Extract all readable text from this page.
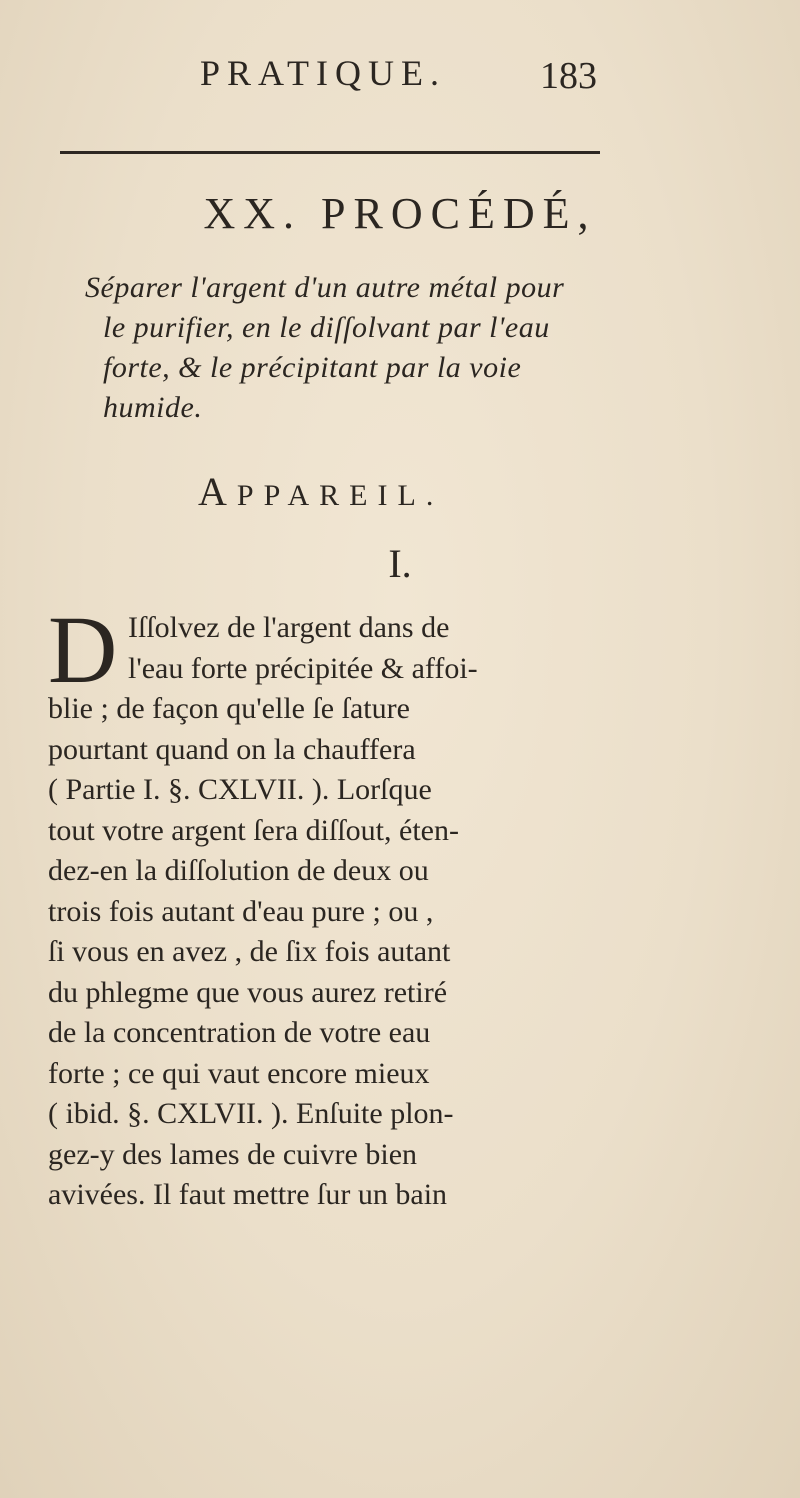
PRATIQUE. 183
XX. PROCÉDÉ,
Séparer l'argent d'un autre métal pour
le purifier, en le diſſolvant par l'eau
forte, & le précipitant par la voie
humide.
APPAREIL.
I.
D Iſſolvez de l'argent dans de
l'eau forte précipitée & affoi-
blie ; de façon qu'elle ſe ſature
pourtant quand on la chauffera
( Partie I. §. CXLVII. ). Lorſque
tout votre argent ſera diſſout, éten-
dez-en la diſſolution de deux ou
trois fois autant d'eau pure ; ou ,
ſi vous en avez , de ſix fois autant
du phlegme que vous aurez retiré
de la concentration de votre eau
forte ; ce qui vaut encore mieux
( ibid. §. CXLVII. ). Enſuite plon-
gez-y des lames de cuivre bien
avivées. Il faut mettre ſur un bain
